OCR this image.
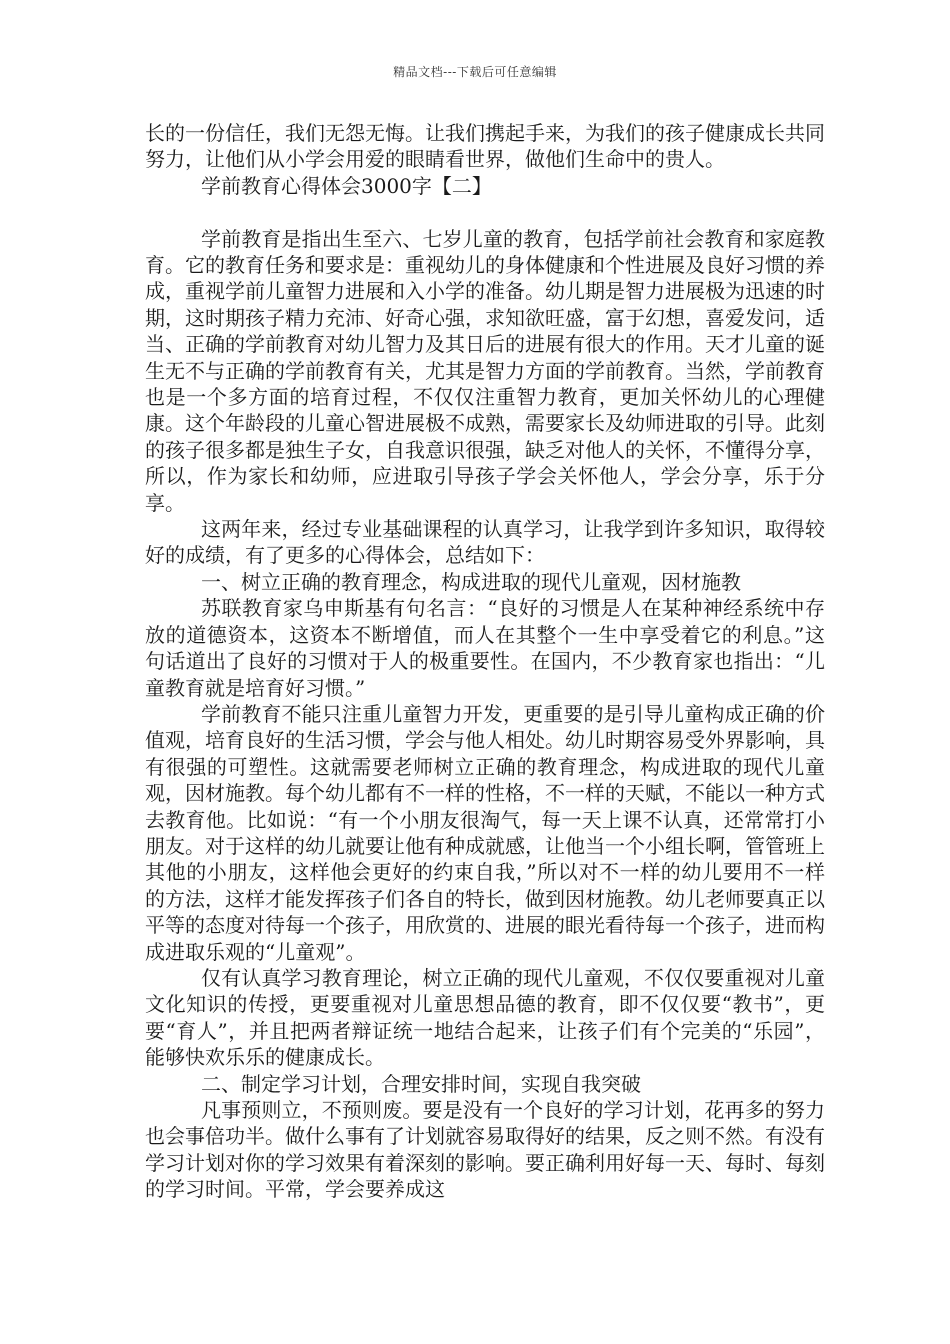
精品文档---下载后可任意编辑

长的一份信任，我们无怨无悔。让我们携起手来，为我们的孩子健康成长共同努力，让他们从小学会用爱的眼睛看世界，做他们生命中的贵人。

学前教育心得体会3000字【二】

学前教育是指出生至六、七岁儿童的教育，包括学前社会教育和家庭教育。它的教育任务和要求是：重视幼儿的身体健康和个性进展及良好习惯的养成，重视学前儿童智力进展和入小学的准备。幼儿期是智力进展极为迅速的时期，这时期孩子精力充沛、好奇心强，求知欲旺盛，富于幻想，喜爱发问，适当、正确的学前教育对幼儿智力及其日后的进展有很大的作用。天才儿童的诞生无不与正确的学前教育有关，尤其是智力方面的学前教育。当然，学前教育也是一个多方面的培育过程，不仅仅注重智力教育，更加关怀幼儿的心理健康。这个年龄段的儿童心智进展极不成熟，需要家长及幼师进取的引导。此刻的孩子很多都是独生子女，自我意识很强，缺乏对他人的关怀，不懂得分享，所以，作为家长和幼师，应进取引导孩子学会关怀他人，学会分享，乐于分享。

这两年来，经过专业基础课程的认真学习，让我学到许多知识，取得较好的成绩，有了更多的心得体会，总结如下：

一、树立正确的教育理念，构成进取的现代儿童观，因材施教

苏联教育家乌申斯基有句名言：“良好的习惯是人在某种神经系统中存放的道德资本，这资本不断增值，而人在其整个一生中享受着它的利息。”这句话道出了良好的习惯对于人的极重要性。在国内，不少教育家也指出：“儿童教育就是培育好习惯。”

学前教育不能只注重儿童智力开发，更重要的是引导儿童构成正确的价值观，培育良好的生活习惯，学会与他人相处。幼儿时期容易受外界影响，具有很强的可塑性。这就需要老师树立正确的教育理念，构成进取的现代儿童观，因材施教。每个幼儿都有不一样的性格，不一样的天赋，不能以一种方式去教育他。比如说：“有一个小朋友很淘气，每一天上课不认真，还常常打小朋友。对于这样的幼儿就要让他有种成就感，让他当一个小组长啊，管管班上其他的小朋友，这样他会更好的约束自我，”所以对不一样的幼儿要用不一样的方法，这样才能发挥孩子们各自的特长，做到因材施教。幼儿老师要真正以平等的态度对待每一个孩子，用欣赏的、进展的眼光看待每一个孩子，进而构成进取乐观的“儿童观”。

仅有认真学习教育理论，树立正确的现代儿童观，不仅仅要重视对儿童文化知识的传授，更要重视对儿童思想品德的教育，即不仅仅要“教书”，更要“育人”，并且把两者辩证统一地结合起来，让孩子们有个完美的“乐园”，能够快欢乐乐的健康成长。

二、制定学习计划，合理安排时间，实现自我突破

凡事预则立，不预则废。要是没有一个良好的学习计划，花再多的努力也会事倍功半。做什么事有了计划就容易取得好的结果，反之则不然。有没有学习计划对你的学习效果有着深刻的影响。要正确利用好每一天、每时、每刻的学习时间。平常，学会要养成这
